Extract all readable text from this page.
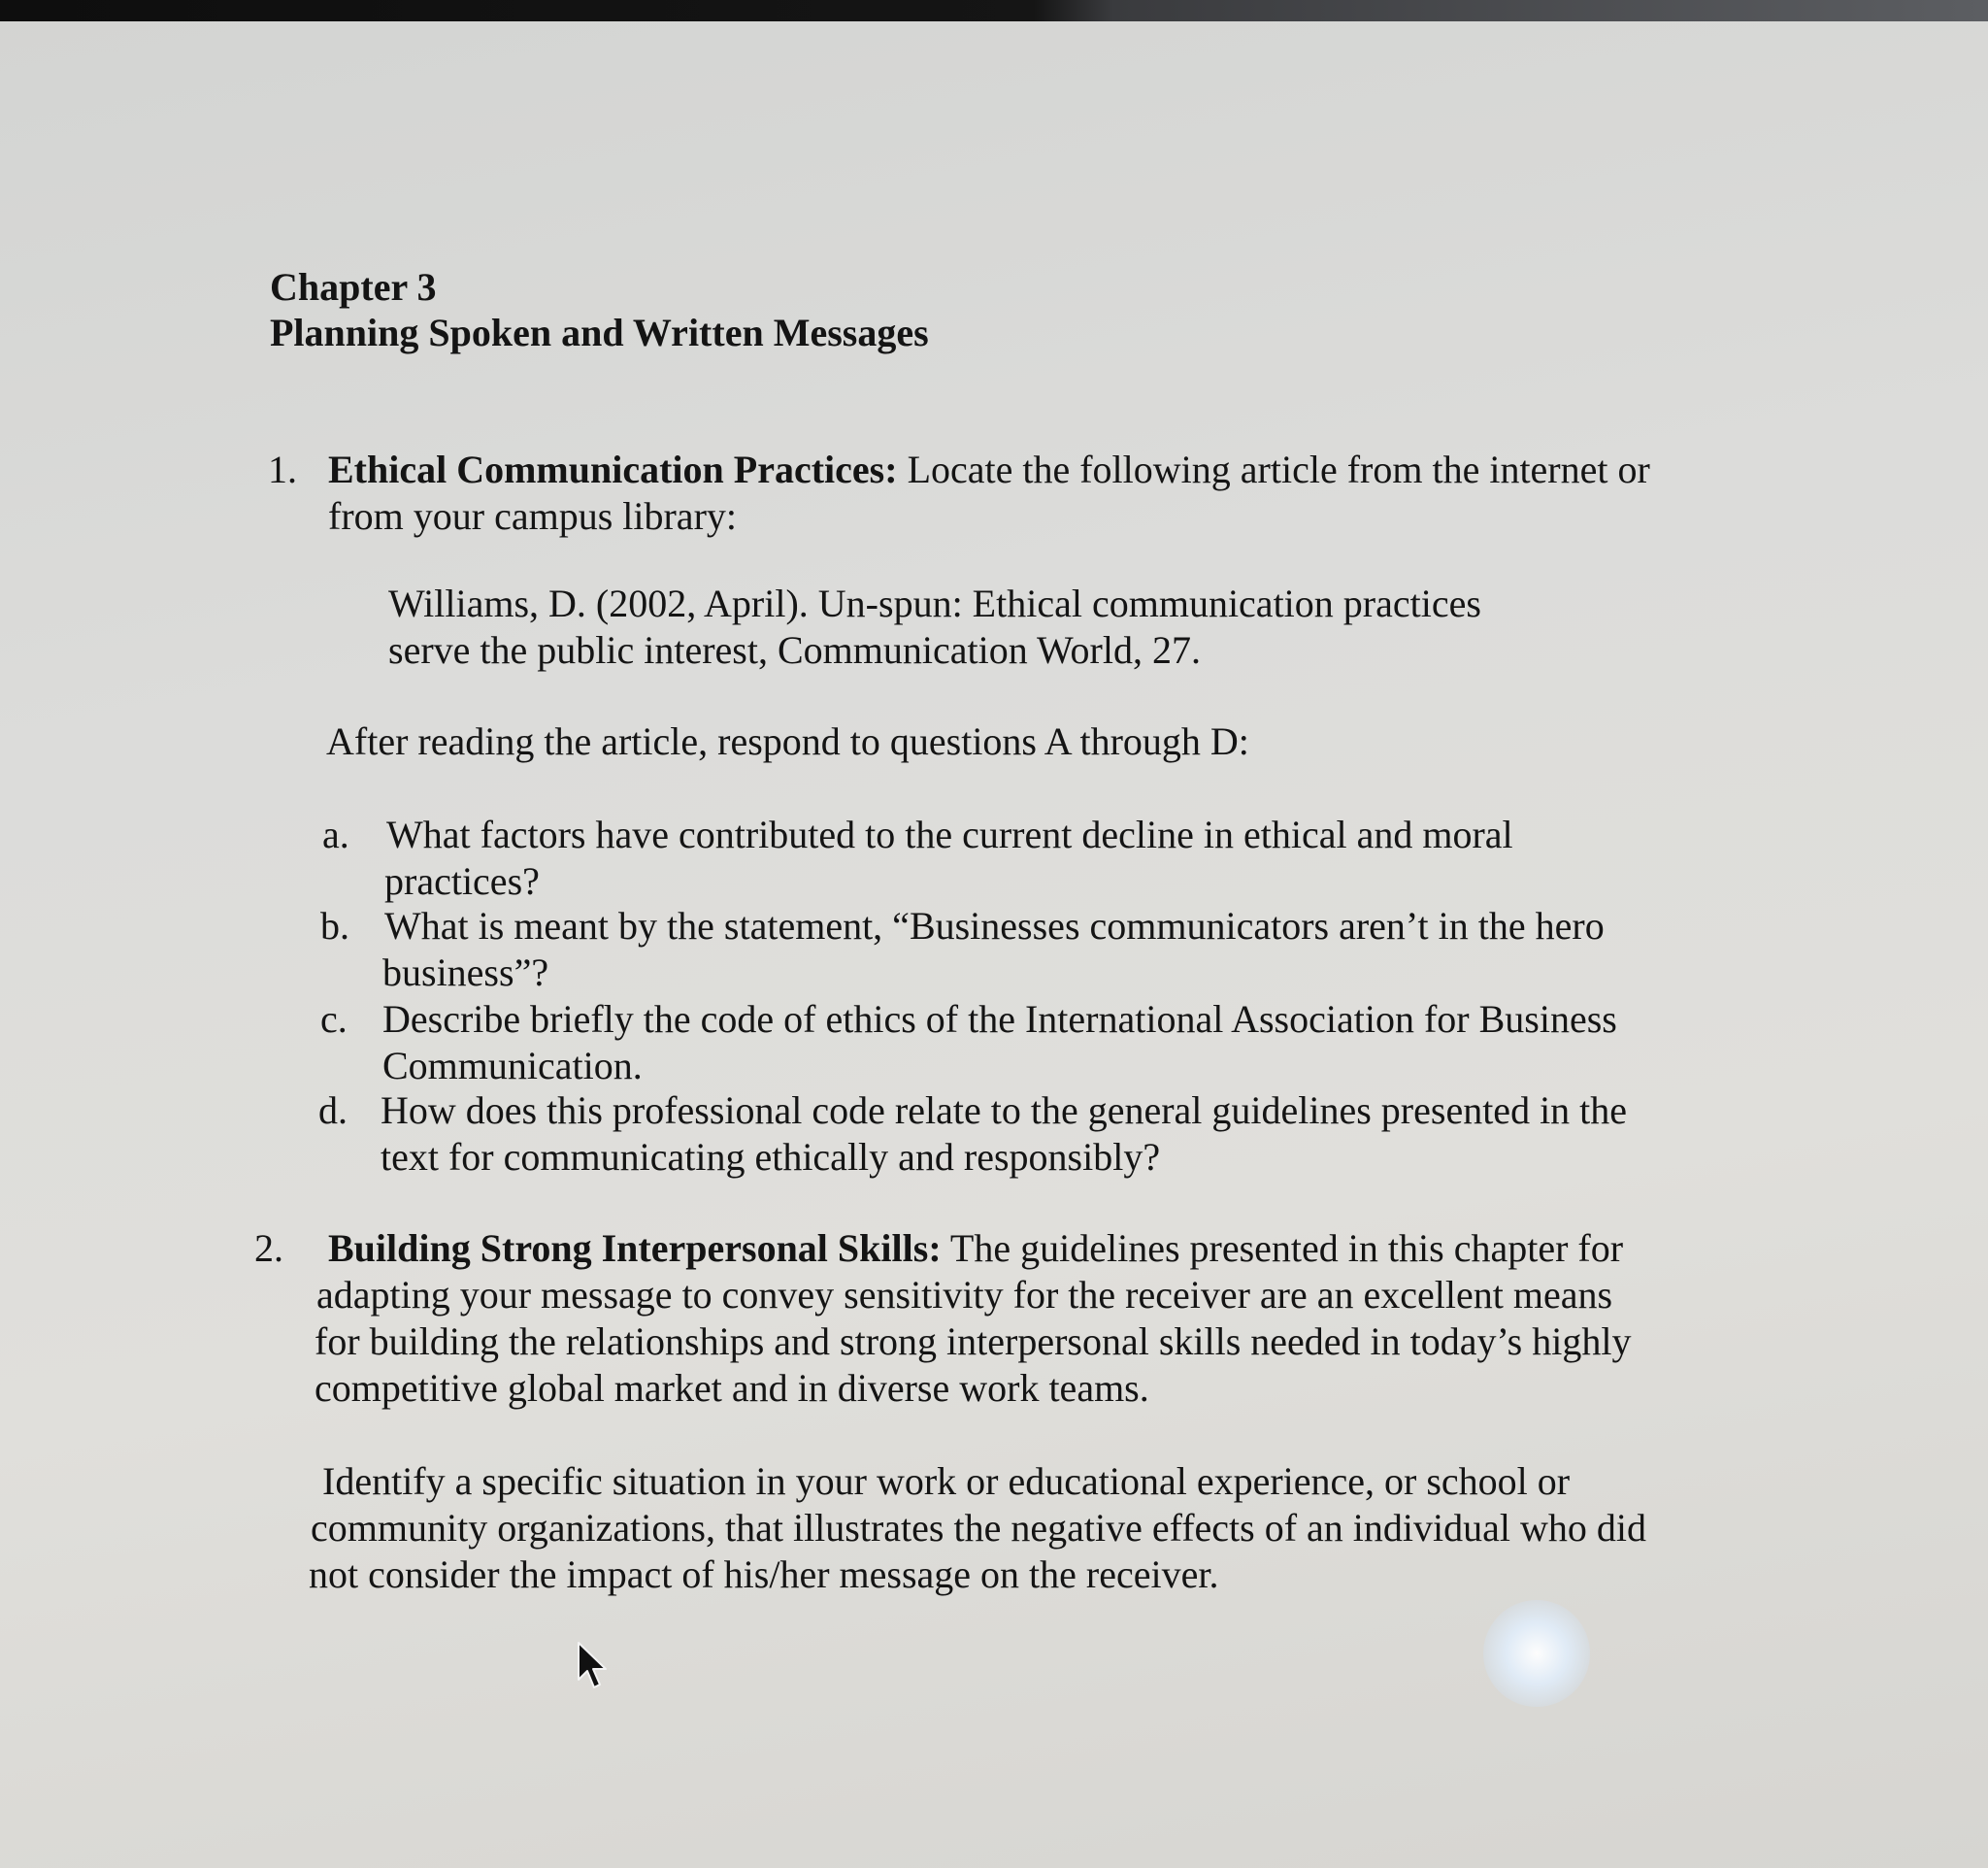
Chapter 3
Planning Spoken and Written Messages
1. Ethical Communication Practices: Locate the following article from the internet or
from your campus library:
Williams, D. (2002, April). Un-spun: Ethical communication practices
serve the public interest, Communication World, 27.
After reading the article, respond to questions A through D:
a. What factors have contributed to the current decline in ethical and moral
practices?
b. What is meant by the statement, “Businesses communicators aren’t in the hero
business”?
c. Describe briefly the code of ethics of the International Association for Business
Communication.
d. How does this professional code relate to the general guidelines presented in the
text for communicating ethically and responsibly?
2. Building Strong Interpersonal Skills: The guidelines presented in this chapter for
adapting your message to convey sensitivity for the receiver are an excellent means
for building the relationships and strong interpersonal skills needed in today’s highly
competitive global market and in diverse work teams.
Identify a specific situation in your work or educational experience, or school or
community organizations, that illustrates the negative effects of an individual who did
not consider the impact of his/her message on the receiver.
